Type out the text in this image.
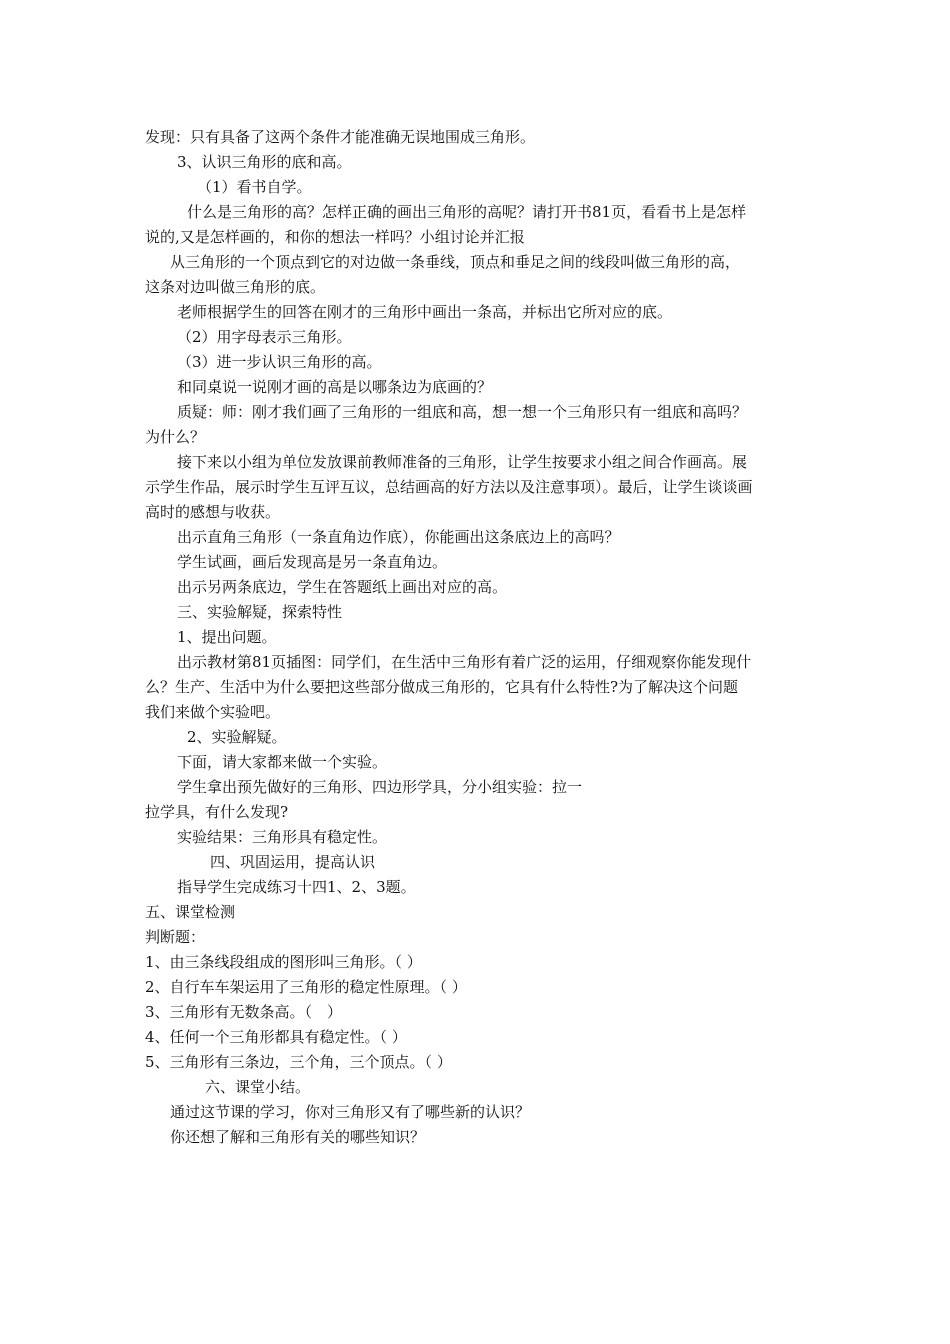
发现：只有具备了这两个条件才能准确无误地围成三角形。
3、认识三角形的底和高。
（1）看书自学。
什么是三角形的高？怎样正确的画出三角形的高呢？请打开书81页，看看书上是怎样
说的,又是怎样画的，和你的想法一样吗？小组讨论并汇报
从三角形的一个顶点到它的对边做一条垂线，顶点和垂足之间的线段叫做三角形的高，
这条对边叫做三角形的底。
老师根据学生的回答在刚才的三角形中画出一条高，并标出它所对应的底。
（2）用字母表示三角形。
（3）进一步认识三角形的高。
和同桌说一说刚才画的高是以哪条边为底画的？
质疑：师：刚才我们画了三角形的一组底和高，想一想一个三角形只有一组底和高吗？
为什么？
接下来以小组为单位发放课前教师准备的三角形，让学生按要求小组之间合作画高。展
示学生作品，展示时学生互评互议，总结画高的好方法以及注意事项）。最后，让学生谈谈画
高时的感想与收获。
出示直角三角形（一条直角边作底），你能画出这条底边上的高吗？
学生试画，画后发现高是另一条直角边。
出示另两条底边，学生在答题纸上画出对应的高。
三、实验解疑，探索特性
1、提出问题。
出示教材第81页插图：同学们，在生活中三角形有着广泛的运用，仔细观察你能发现什
么？生产、生活中为什么要把这些部分做成三角形的，它具有什么特性?为了解决这个问题
我们来做个实验吧。
2、实验解疑。
下面，请大家都来做一个实验。
学生拿出预先做好的三角形、四边形学具，分小组实验：拉一
拉学具，有什么发现?
实验结果：三角形具有稳定性。
四、巩固运用，提高认识
指导学生完成练习十四1、2、3题。
五、课堂检测
判断题：
1、由三条线段组成的图形叫三角形。（ ）
2、自行车车架运用了三角形的稳定性原理。（ ）
3、三角形有无数条高。（　）
4、任何一个三角形都具有稳定性。（ ）
5、三角形有三条边，三个角，三个顶点。（ ）
六、课堂小结。
通过这节课的学习，你对三角形又有了哪些新的认识？
你还想了解和三角形有关的哪些知识？
